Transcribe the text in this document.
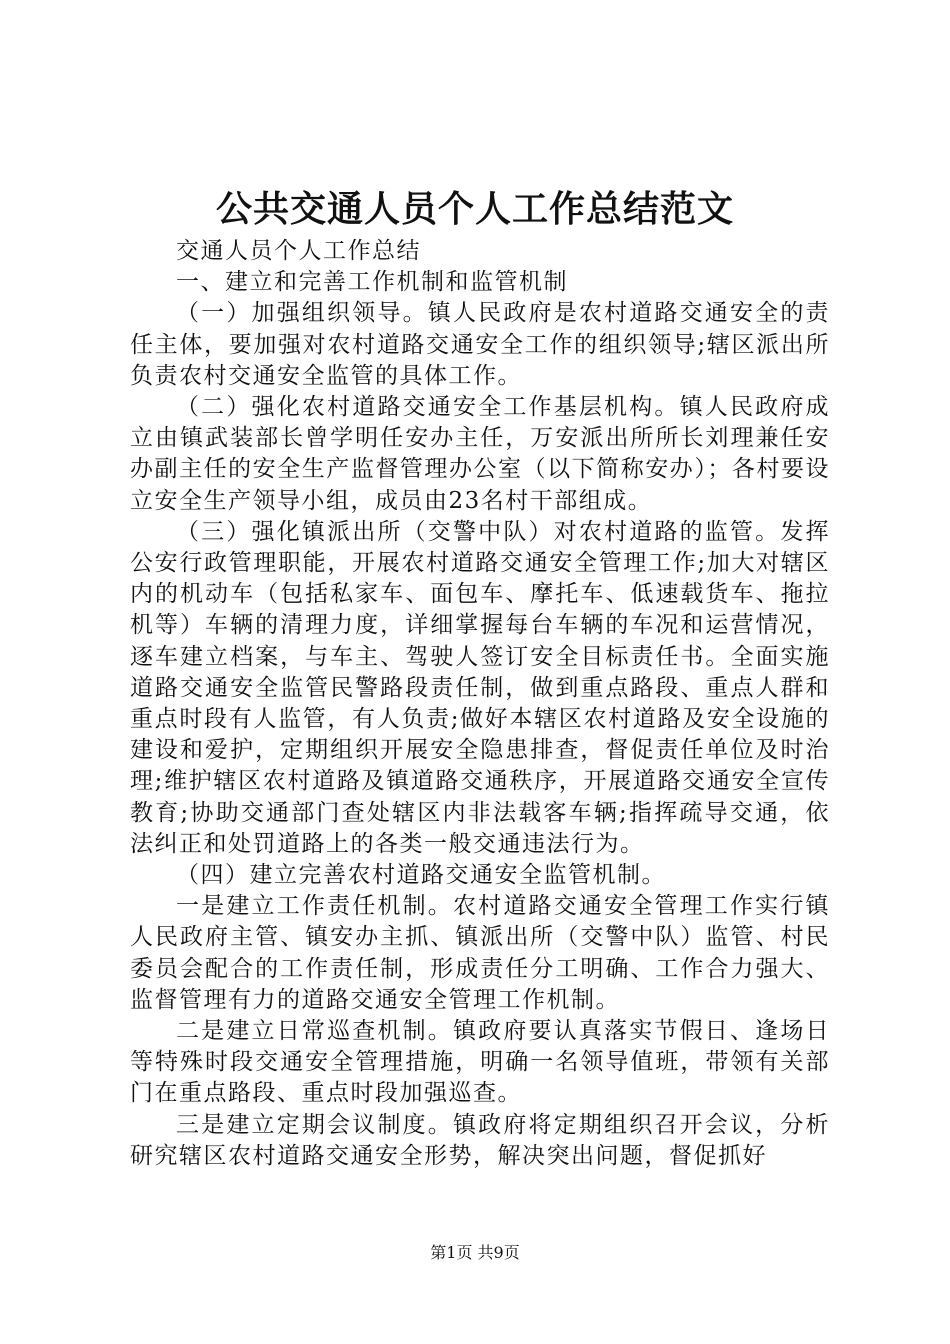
公共交通人员个人工作总结范文

交通人员个人工作总结

一、建立和完善工作机制和监管机制

（一）加强组织领导。镇人民政府是农村道路交通安全的责任主体，要加强对农村道路交通安全工作的组织领导;辖区派出所负责农村交通安全监管的具体工作。

（二）强化农村道路交通安全工作基层机构。镇人民政府成立由镇武装部长曾学明任安办主任，万安派出所所长刘理兼任安办副主任的安全生产监督管理办公室（以下简称安办）；各村要设立安全生产领导小组，成员由23名村干部组成。

（三）强化镇派出所（交警中队）对农村道路的监管。发挥公安行政管理职能，开展农村道路交通安全管理工作;加大对辖区内的机动车（包括私家车、面包车、摩托车、低速载货车、拖拉机等）车辆的清理力度，详细掌握每台车辆的车况和运营情况，逐车建立档案，与车主、驾驶人签订安全目标责任书。全面实施道路交通安全监管民警路段责任制，做到重点路段、重点人群和重点时段有人监管，有人负责;做好本辖区农村道路及安全设施的建设和爱护，定期组织开展安全隐患排查，督促责任单位及时治理;维护辖区农村道路及镇道路交通秩序，开展道路交通安全宣传教育;协助交通部门查处辖区内非法载客车辆;指挥疏导交通，依法纠正和处罚道路上的各类一般交通违法行为。

（四）建立完善农村道路交通安全监管机制。

一是建立工作责任机制。农村道路交通安全管理工作实行镇人民政府主管、镇安办主抓、镇派出所（交警中队）监管、村民委员会配合的工作责任制，形成责任分工明确、工作合力强大、监督管理有力的道路交通安全管理工作机制。

二是建立日常巡查机制。镇政府要认真落实节假日、逢场日等特殊时段交通安全管理措施，明确一名领导值班，带领有关部门在重点路段、重点时段加强巡查。

三是建立定期会议制度。镇政府将定期组织召开会议，分析研究辖区农村道路交通安全形势，解决突出问题，督促抓好

第1页 共9页
